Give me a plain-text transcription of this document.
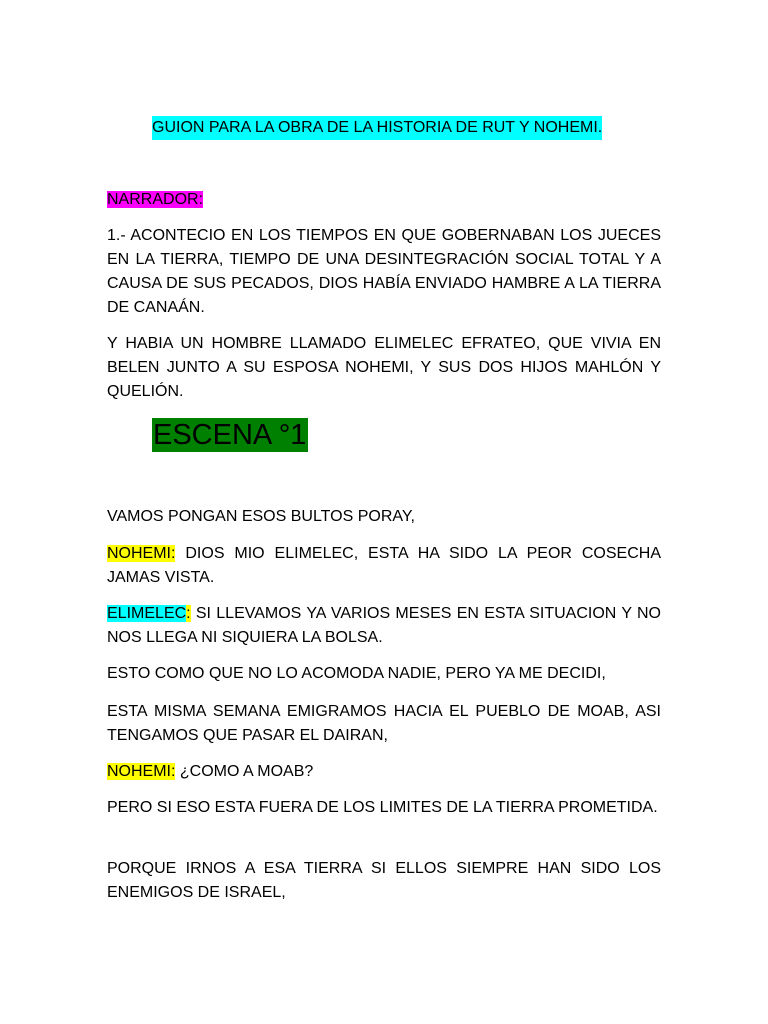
GUION PARA LA OBRA DE LA HISTORIA DE RUT Y NOHEMI.
NARRADOR:
1.- ACONTECIO EN LOS TIEMPOS EN QUE GOBERNABAN LOS JUECES EN LA TIERRA, TIEMPO DE UNA DESINTEGRACIÓN SOCIAL TOTAL Y A CAUSA DE SUS PECADOS, DIOS HABÍA ENVIADO HAMBRE A LA TIERRA DE CANAÁN.
Y HABIA UN HOMBRE LLAMADO ELIMELEC EFRATEO, QUE VIVIA EN BELEN JUNTO A SU ESPOSA NOHEMI, Y SUS DOS HIJOS MAHLÓN Y QUELIÓN.
ESCENA °1
VAMOS PONGAN ESOS BULTOS PORAY,
NOHEMI: DIOS MIO ELIMELEC, ESTA HA SIDO LA PEOR COSECHA JAMAS VISTA.
ELIMELEC: SI LLEVAMOS YA VARIOS MESES EN ESTA SITUACION Y NO NOS LLEGA NI SIQUIERA LA BOLSA.
ESTO COMO QUE NO LO ACOMODA NADIE, PERO YA ME DECIDI,
ESTA MISMA SEMANA EMIGRAMOS HACIA EL PUEBLO DE MOAB, ASI TENGAMOS QUE PASAR EL DAIRAN,
NOHEMI: ¿COMO A MOAB?
PERO SI ESO ESTA FUERA DE LOS LIMITES DE LA TIERRA PROMETIDA.
PORQUE IRNOS A ESA TIERRA SI ELLOS SIEMPRE HAN SIDO LOS ENEMIGOS DE ISRAEL,
